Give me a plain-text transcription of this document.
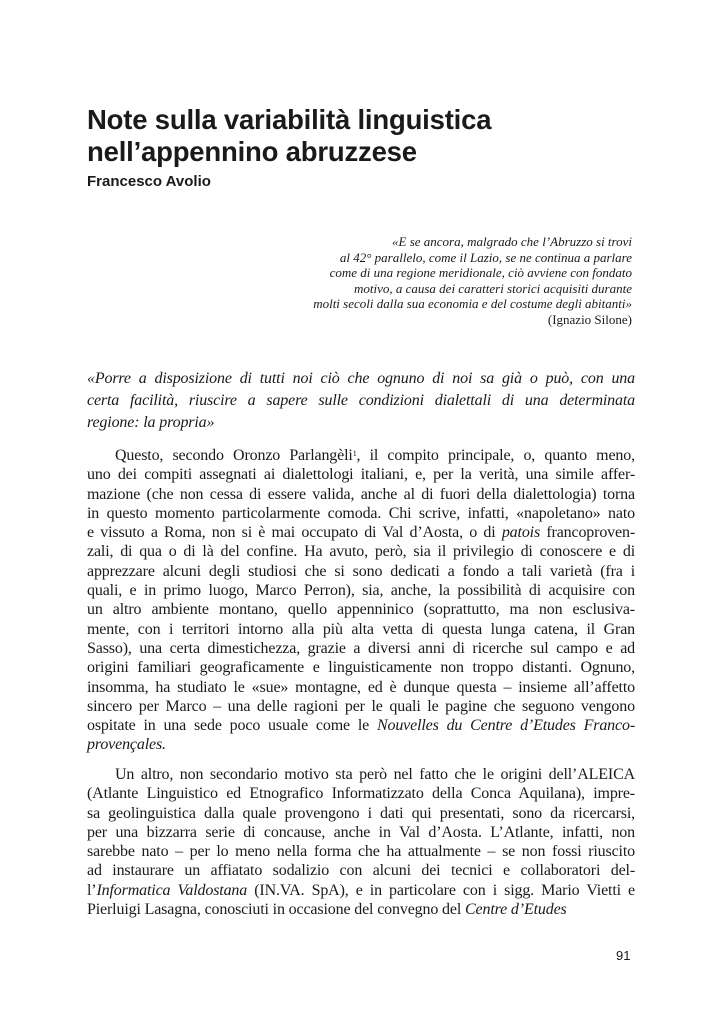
Note sulla variabilità linguistica
nell’appennino abruzzese
Francesco Avolio
«E se ancora, malgrado che l’Abruzzo si trovi
al 42° parallelo, come il Lazio, se ne continua a parlare
come di una regione meridionale, ciò avviene con fondato
motivo, a causa dei caratteri storici acquisiti durante
molti secoli dalla sua economia e del costume degli abitanti»
(Ignazio Silone)
«Porre a disposizione di tutti noi ciò che ognuno di noi sa già o può, con una
certa facilità, riuscire a sapere sulle condizioni dialettali di una determinata
regione: la propria»
Questo, secondo Oronzo Parlangèli$^1$, il compito principale, o, quanto meno,
uno dei compiti assegnati ai dialettologi italiani, e, per la verità, una simile affer-
mazione (che non cessa di essere valida, anche al di fuori della dialettologia) torna
in questo momento particolarmente comoda. Chi scrive, infatti, «napoletano» nato
e vissuto a Roma, non si è mai occupato di Val d’Aosta, o di patois francoproven-
zali, di qua o di là del confine. Ha avuto, però, sia il privilegio di conoscere e di
apprezzare alcuni degli studiosi che si sono dedicati a fondo a tali varietà (fra i
quali, e in primo luogo, Marco Perron), sia, anche, la possibilità di acquisire con
un altro ambiente montano, quello appenninico (soprattutto, ma non esclusiva-
mente, con i territori intorno alla più alta vetta di questa lunga catena, il Gran
Sasso), una certa dimestichezza, grazie a diversi anni di ricerche sul campo e ad
origini familiari geograficamente e linguisticamente non troppo distanti. Ognuno,
insomma, ha studiato le «sue» montagne, ed è dunque questa – insieme all’affetto
sincero per Marco – una delle ragioni per le quali le pagine che seguono vengono
ospitate in una sede poco usuale come le Nouvelles du Centre d’Etudes Franco-
provençales.
Un altro, non secondario motivo sta però nel fatto che le origini dell’ALEICA
(Atlante Linguistico ed Etnografico Informatizzato della Conca Aquilana), impre-
sa geolinguistica dalla quale provengono i dati qui presentati, sono da ricercarsi,
per una bizzarra serie di concause, anche in Val d’Aosta. L’Atlante, infatti, non
sarebbe nato – per lo meno nella forma che ha attualmente – se non fossi riuscito
ad instaurare un affiatato sodalizio con alcuni dei tecnici e collaboratori del-
l’Informatica Valdostana (IN.VA. SpA), e in particolare con i sigg. Mario Vietti e
Pierluigi Lasagna, conosciuti in occasione del convegno del Centre d’Etudes
91
